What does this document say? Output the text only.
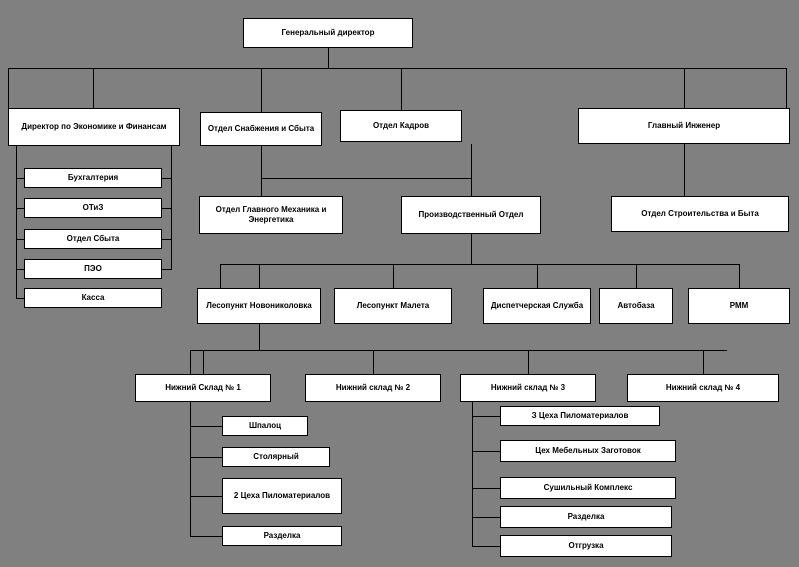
Генеральный директор
Директор по Экономике и Финансам	Отдел Снабжения и Сбыта	Отдел Кадров	Главный Инженер
Бухгалтерия
ОТиЗ
Отдел Сбыта
ПЭО
Касса
Отдел Главного Механика и Энергетика
Производственный Отдел	Отдел Строительства и Быта
Лесопункт Новониколовка	Лесопункт Малета	Диспетчерская Служба	Автобаза	РММ
Нижний Склад № 1	Нижний склад № 2	Нижний склад № 3	Нижний склад № 4
Шпалоц
Столярный
2 Цеха Пиломатериалов
Разделка
З Цеха Пиломатериалов
Цех Мебельных Заготовок
Сушильный Комплекс
Разделка
Отгрузка
